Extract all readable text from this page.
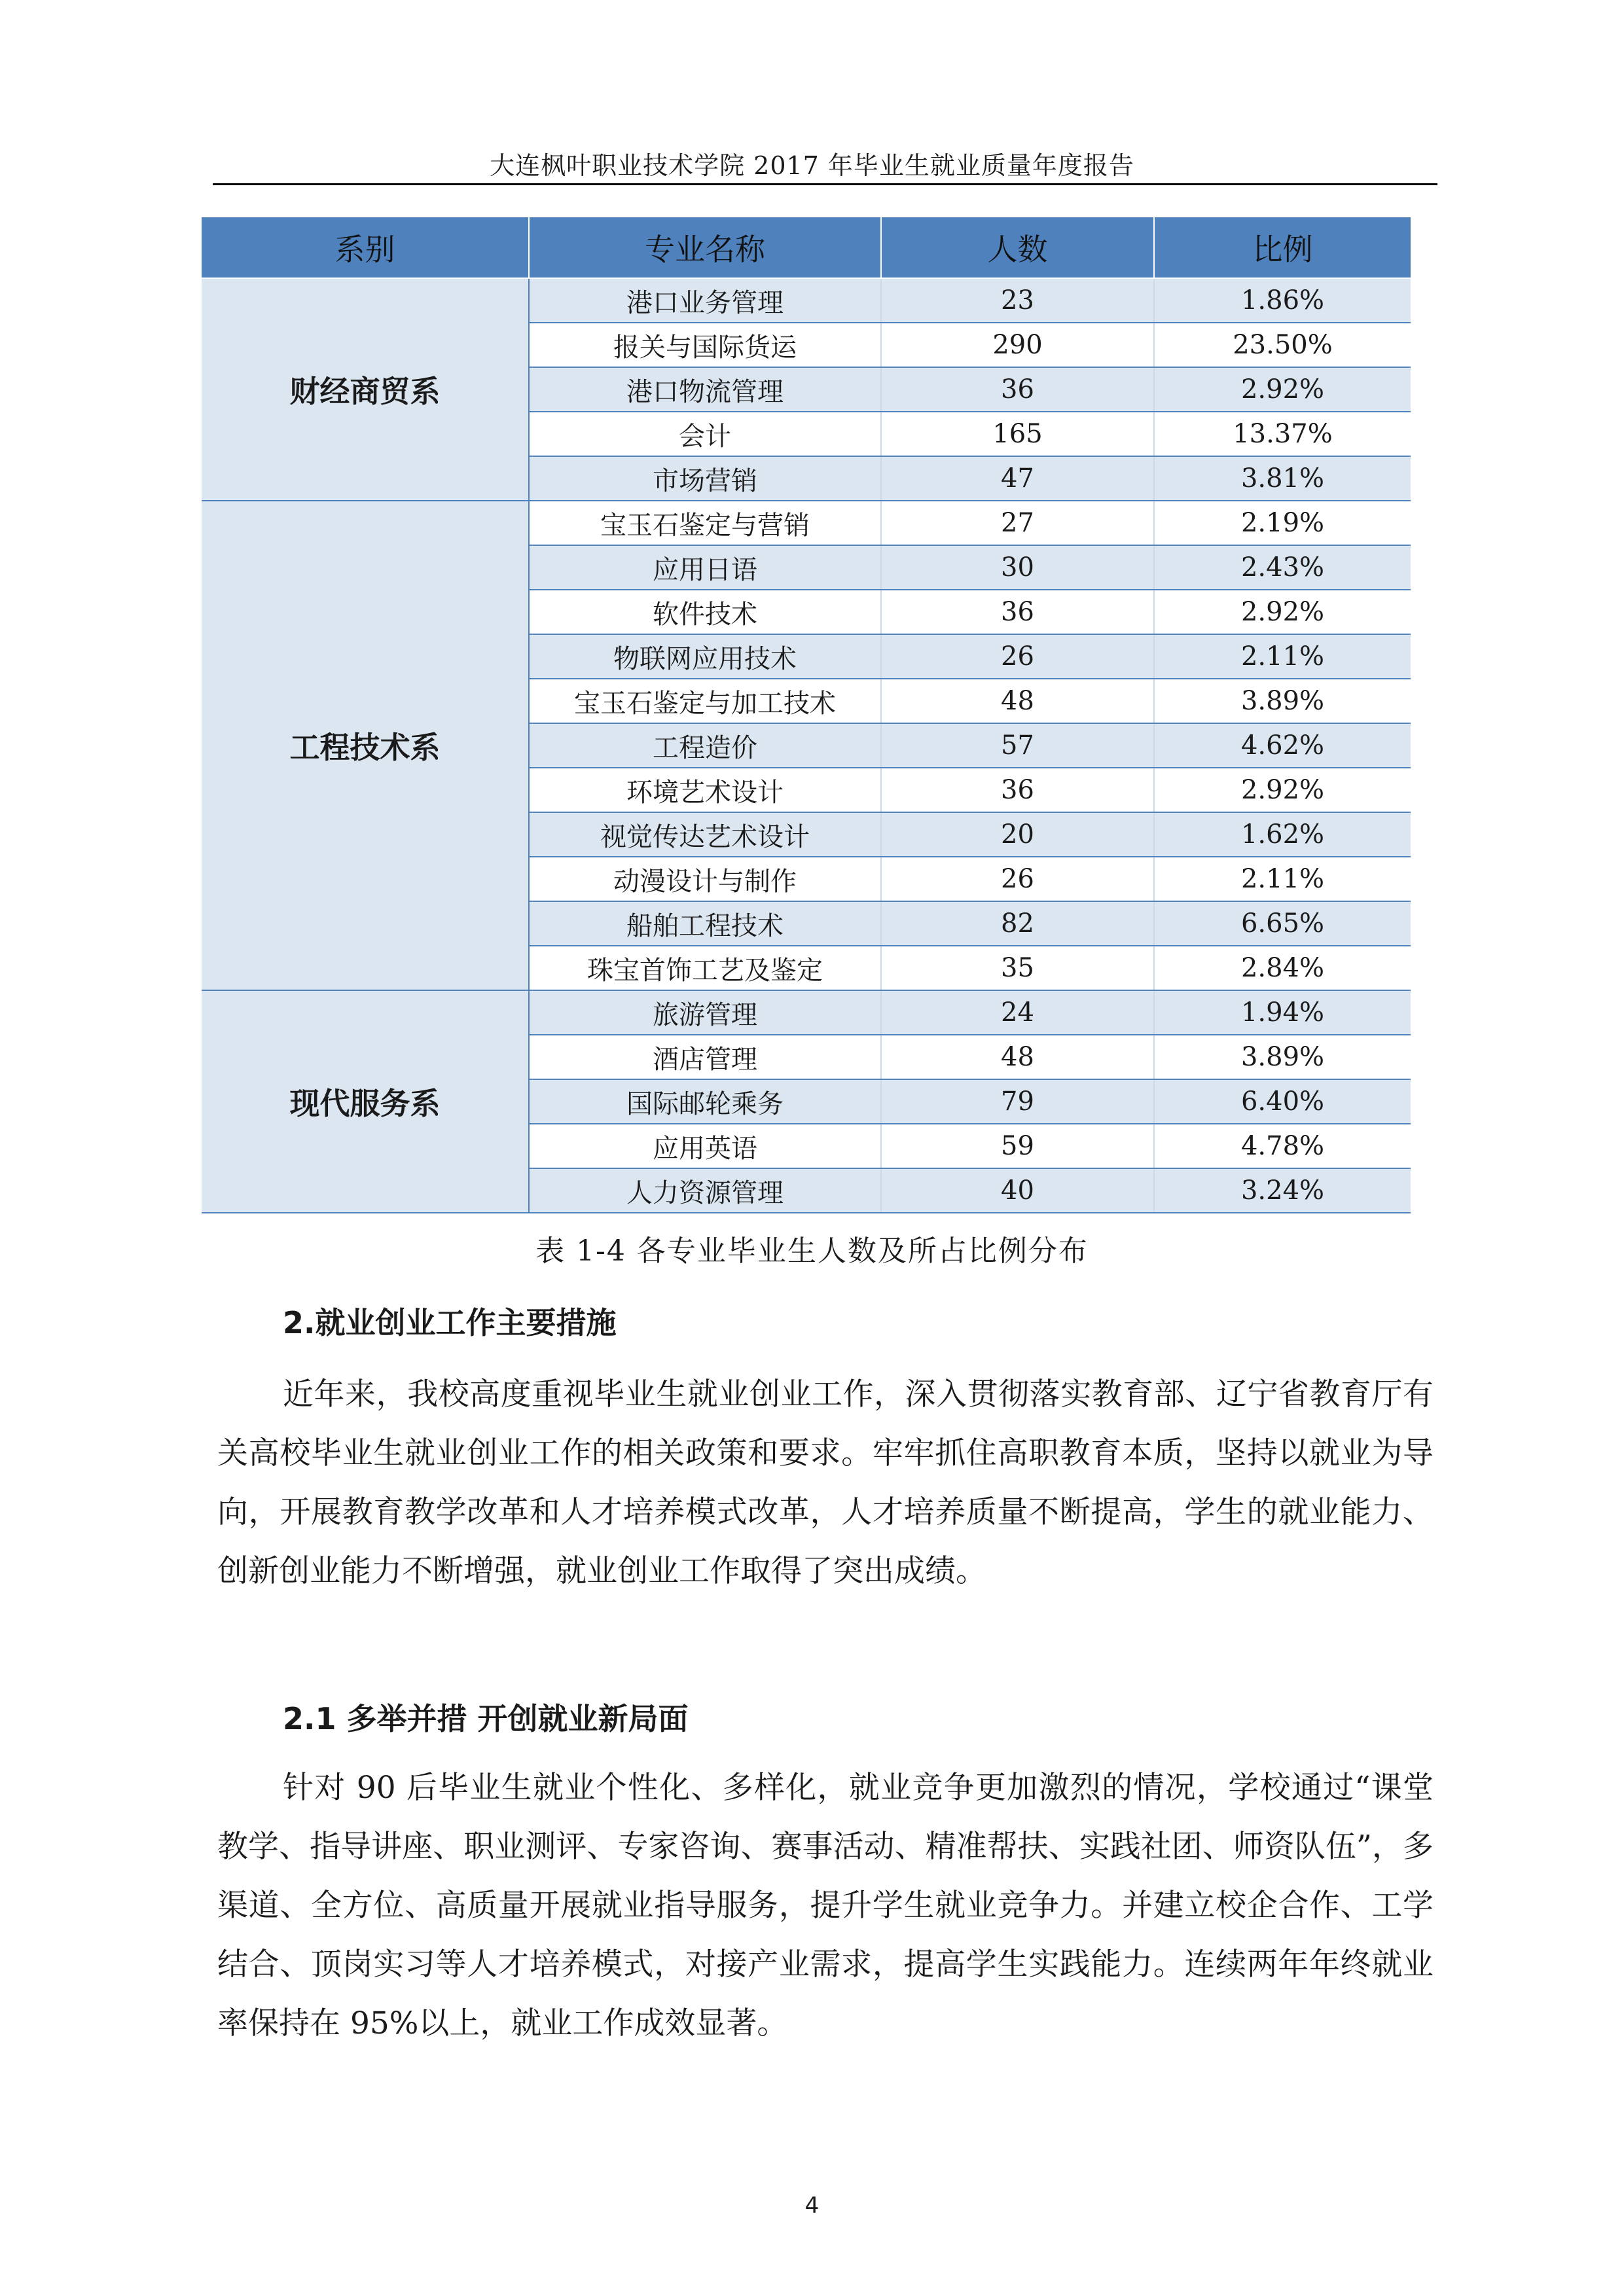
大连枫叶职业技术学院 2017 年毕业生就业质量年度报告
系别	专业名称	人数	比例
财经商贸系	港口业务管理	23	1.86%
	报关与国际货运	290	23.50%
	港口物流管理	36	2.92%
	会计	165	13.37%
	市场营销	47	3.81%
工程技术系	宝玉石鉴定与营销	27	2.19%
	应用日语	30	2.43%
	软件技术	36	2.92%
	物联网应用技术	26	2.11%
	宝玉石鉴定与加工技术	48	3.89%
	工程造价	57	4.62%
	环境艺术设计	36	2.92%
	视觉传达艺术设计	20	1.62%
	动漫设计与制作	26	2.11%
	船舶工程技术	82	6.65%
	珠宝首饰工艺及鉴定	35	2.84%
现代服务系	旅游管理	24	1.94%
	酒店管理	48	3.89%
	国际邮轮乘务	79	6.40%
	应用英语	59	4.78%
	人力资源管理	40	3.24%
表 1-4 各专业毕业生人数及所占比例分布
2.就业创业工作主要措施

近年来，我校高度重视毕业生就业创业工作，深入贯彻落实教育部、辽宁省教育厅有关高校毕业生就业创业工作的相关政策和要求。牢牢抓住高职教育本质，坚持以就业为导向，开展教育教学改革和人才培养模式改革，人才培养质量不断提高，学生的就业能力、创新创业能力不断增强，就业创业工作取得了突出成绩。

2.1 多举并措 开创就业新局面

针对 90 后毕业生就业个性化、多样化，就业竞争更加激烈的情况，学校通过“课堂教学、指导讲座、职业测评、专家咨询、赛事活动、精准帮扶、实践社团、师资队伍”，多渠道、全方位、高质量开展就业指导服务，提升学生就业竞争力。并建立校企合作、工学结合、顶岗实习等人才培养模式，对接产业需求，提高学生实践能力。连续两年年终就业率保持在 95%以上，就业工作成效显著。

4
